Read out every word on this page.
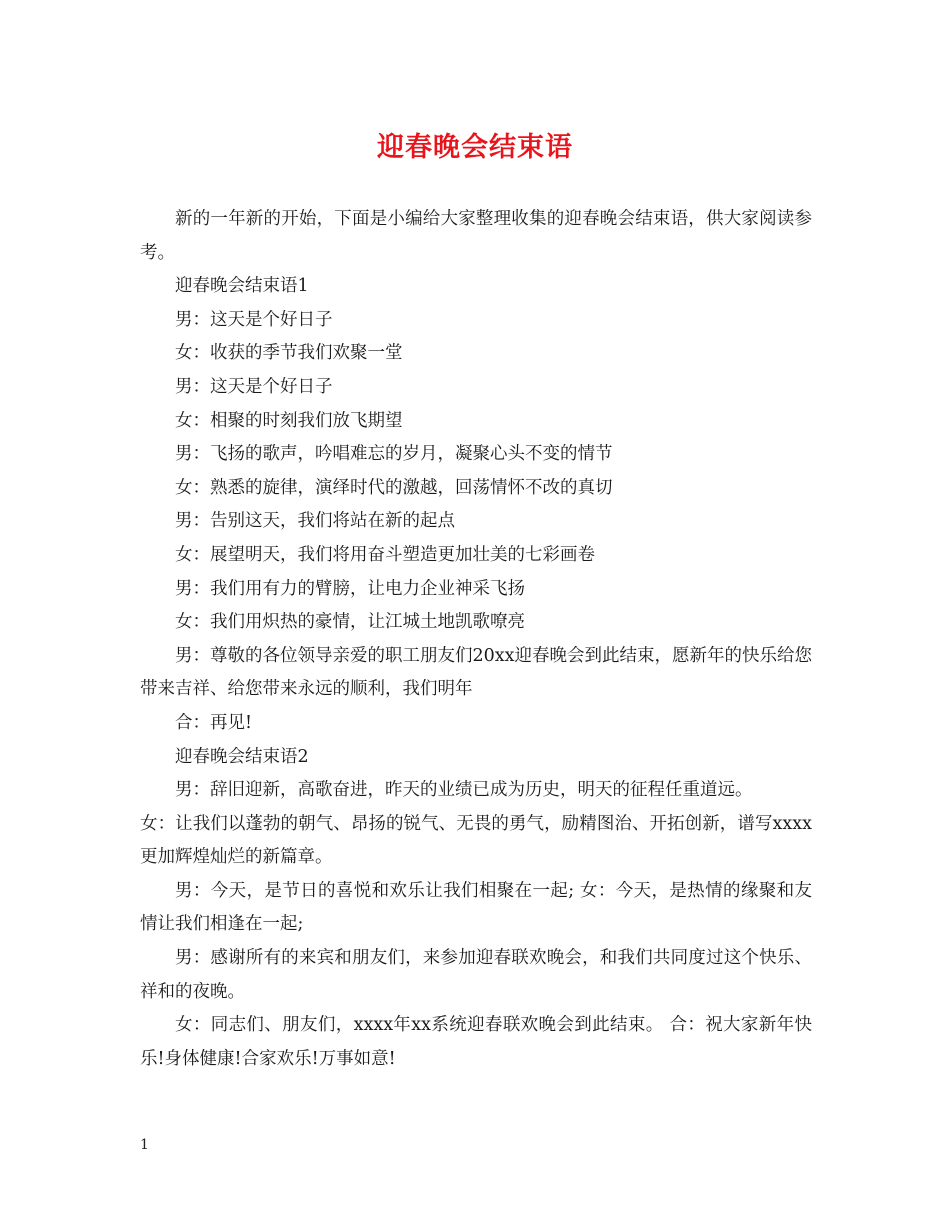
迎春晚会结束语

新的一年新的开始，下面是小编给大家整理收集的迎春晚会结束语，供大家阅读参考。

迎春晚会结束语1

男：这天是个好日子

女：收获的季节我们欢聚一堂

男：这天是个好日子

女：相聚的时刻我们放飞期望

男：飞扬的歌声，吟唱难忘的岁月，凝聚心头不变的情节

女：熟悉的旋律，演绎时代的激越，回荡情怀不改的真切

男：告别这天，我们将站在新的起点

女：展望明天，我们将用奋斗塑造更加壮美的七彩画卷

男：我们用有力的臂膀，让电力企业神采飞扬

女：我们用炽热的豪情，让江城土地凯歌嘹亮

男：尊敬的各位领导亲爱的职工朋友们20xx迎春晚会到此结束，愿新年的快乐给您带来吉祥、给您带来永远的顺利，我们明年

合：再见!

迎春晚会结束语2

男：辞旧迎新，高歌奋进，昨天的业绩已成为历史，明天的征程任重道远。

女：让我们以蓬勃的朝气、昂扬的锐气、无畏的勇气，励精图治、开拓创新，谱写xxxx更加辉煌灿烂的新篇章。

男：今天，是节日的喜悦和欢乐让我们相聚在一起; 女：今天，是热情的缘聚和友情让我们相逢在一起;

男：感谢所有的来宾和朋友们，来参加迎春联欢晚会，和我们共同度过这个快乐、祥和的夜晚。

女：同志们、朋友们，xxxx年xx系统迎春联欢晚会到此结束。 合：祝大家新年快乐!身体健康!合家欢乐!万事如意!

1
